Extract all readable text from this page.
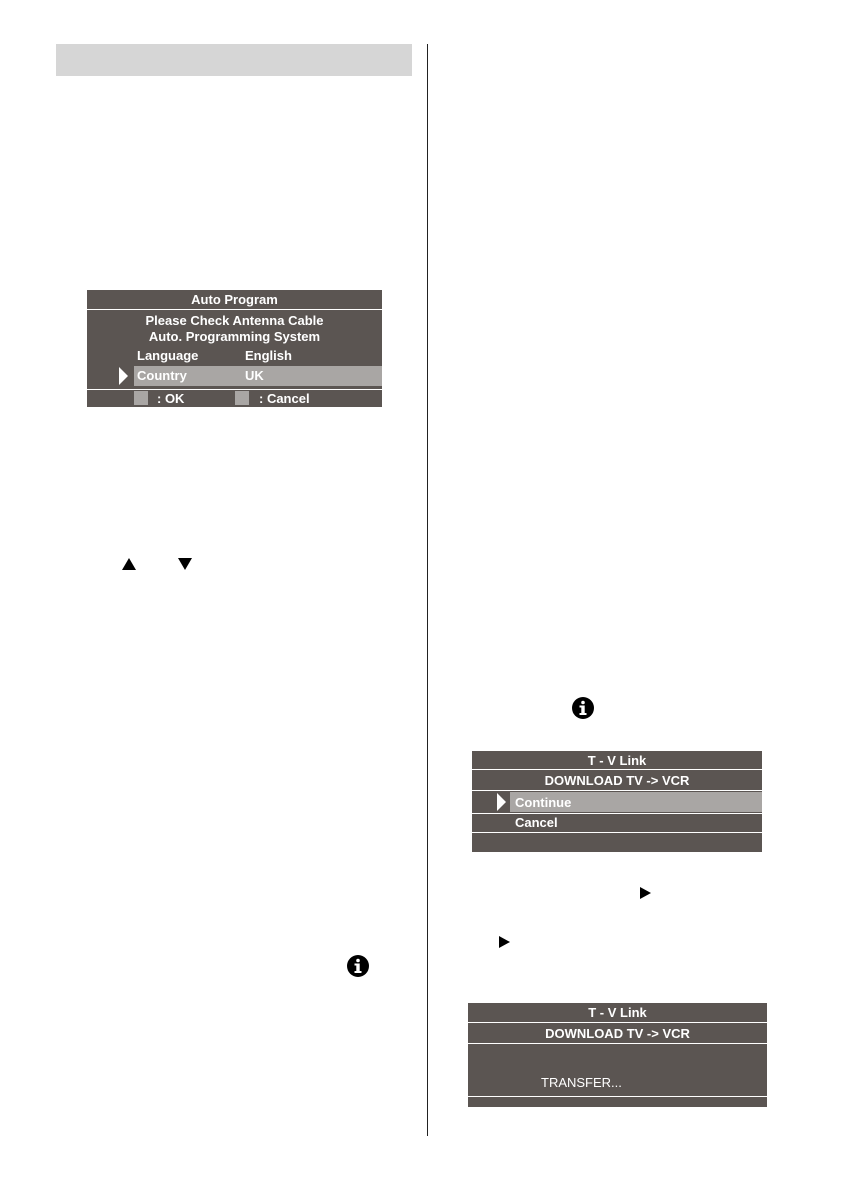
Auto Program
Please Check Antenna Cable
Auto. Programming System
Language	English
Country	UK
: OK	: Cancel
T - V Link
DOWNLOAD TV -> VCR
Continue
Cancel
T - V Link
DOWNLOAD TV -> VCR
TRANSFER...
